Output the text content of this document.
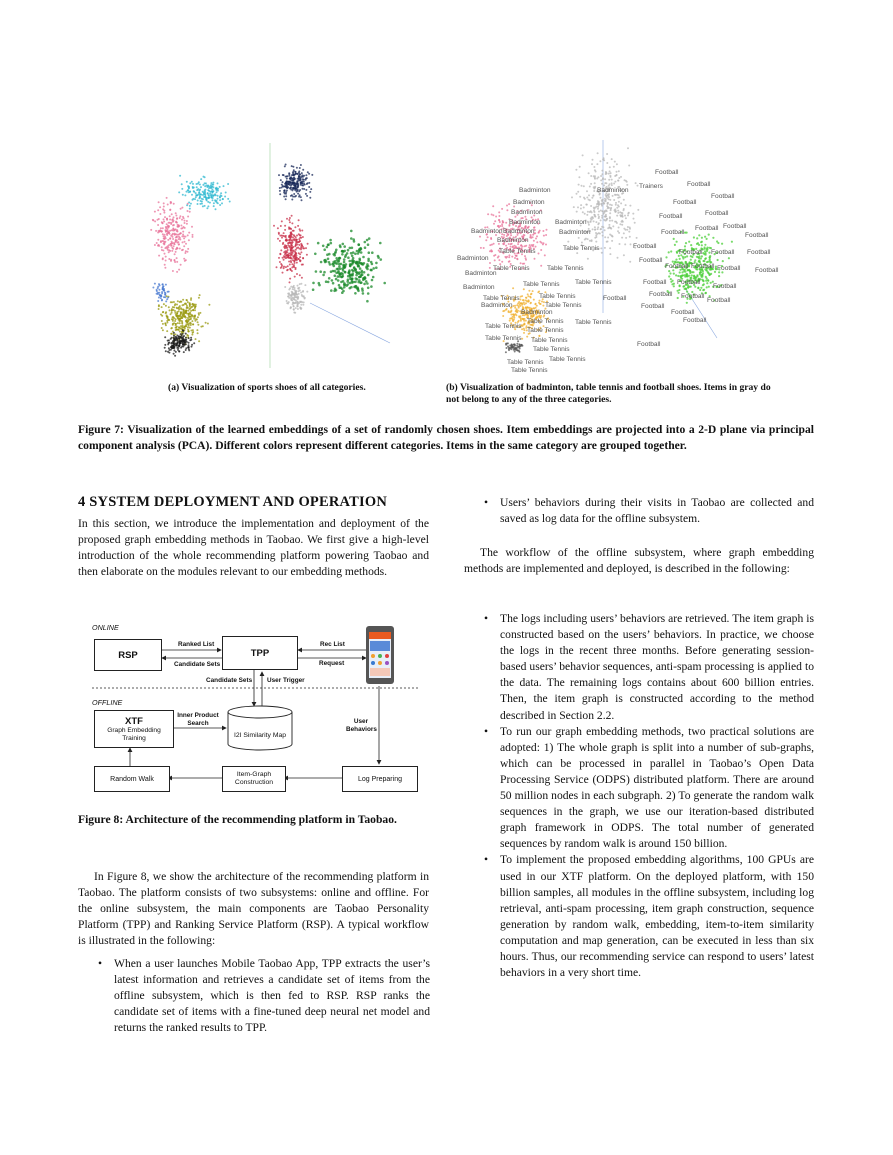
Football
Football
Football
Football
Football
Football
Football Football
Football	Football
Football
Football Football Football
Football
Football Football Football Football
Football Football
Football
Football Football
Football
Football
Football
Football
Football
Football
Trainers
Badminton
Badminton
Badminton
Badminton
Badminton
Badminton Badminton
Badminton
Badminton
Badminton
Badminton
Badminton
Badminton
Badminton
Badminton
Table Tennis	Table Tennis
Table Tennis	Table Tennis
Table Tennis Table Tennis
Table Tennis	Table Tennis
Table Tennis
Table Tennis Table Tennis
Table Tennis
Table Tennis
Table Tennis Table Tennis
Table Tennis
Table Tennis
Table Tennis
Table Tennis
(a) Visualization of sports shoes of all categories.	(b) Visualization of badminton, table tennis and football shoes. Items in gray do not belong to any of the three categories.
Figure 7: Visualization of the learned embeddings of a set of randomly chosen shoes. Item embeddings are projected into a 2-D plane via principal component analysis (PCA). Different colors represent different categories. Items in the same category are grouped together.
4 SYSTEM DEPLOYMENT AND OPERATION
In this section, we introduce the implementation and deployment of the proposed graph embedding methods in Taobao. We first give a high-level introduction of the whole recommending platform powering Taobao and then elaborate on the modules relevant to our embedding methods.
ONLINE
OFFLINE
RSP	TPP
XTF
Graph Embedding Training	I2I Similarity Map
Random Walk
Item-Graph Construction	Log Preparing
Ranked List
Candidate Sets
Rec List
Request
Candidate Sets User Trigger
Inner Product Search	User Behaviors
Figure 8: Architecture of the recommending platform in Taobao.
In Figure 8, we show the architecture of the recommending platform in Taobao. The platform consists of two subsystems: online and offline. For the online subsystem, the main components are Taobao Personality Platform (TPP) and Ranking Service Platform (RSP). A typical workflow is illustrated in the following:
• When a user launches Mobile Taobao App, TPP extracts the user’s latest information and retrieves a candidate set of items from the offline subsystem, which is then fed to RSP. RSP ranks the candidate set of items with a fine-tuned deep neural net model and returns the ranked results to TPP.
• Users’ behaviors during their visits in Taobao are collected and saved as log data for the offline subsystem.
The workflow of the offline subsystem, where graph embedding methods are implemented and deployed, is described in the following:
• The logs including users’ behaviors are retrieved. The item graph is constructed based on the users’ behaviors. In practice, we choose the logs in the recent three months. Before generating session-based users’ behavior sequences, anti-spam processing is applied to the data. The remaining logs contains about 600 billion entries. Then, the item graph is constructed according to the method described in Section 2.2.
• To run our graph embedding methods, two practical solutions are adopted: 1) The whole graph is split into a number of sub-graphs, which can be processed in parallel in Taobao’s Open Data Processing Service (ODPS) distributed platform. There are around 50 million nodes in each subgraph. 2) To generate the random walk sequences in the graph, we use our iteration-based distributed graph framework in ODPS. The total number of generated sequences by random walk is around 150 billion.
• To implement the proposed embedding algorithms, 100 GPUs are used in our XTF platform. On the deployed platform, with 150 billion samples, all modules in the offline subsystem, including log retrieval, anti-spam processing, item graph construction, sequence generation by random walk, embedding, item-to-item similarity computation and map generation, can be executed in less than six hours. Thus, our recommending service can respond to users’ latest behaviors in a very short time.
